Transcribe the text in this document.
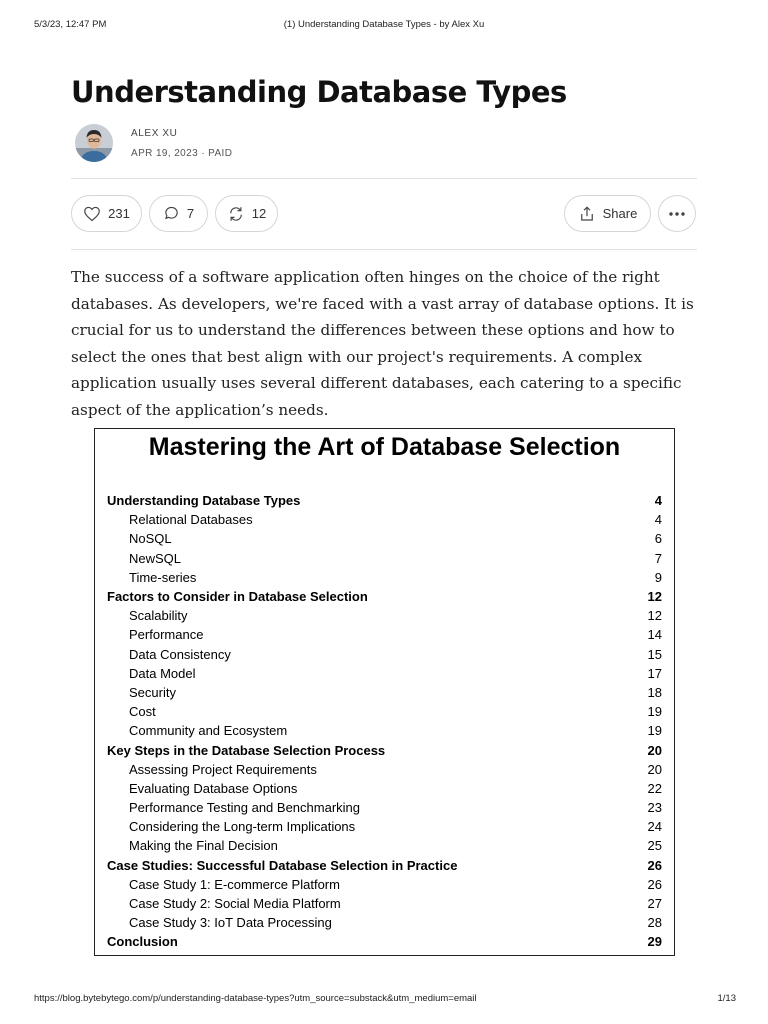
5/3/23, 12:47 PM	(1) Understanding Database Types - by Alex Xu
Understanding Database Types
ALEX XU
APR 19, 2023 · PAID
231	7	12	Share

The success of a software application often hinges on the choice of the right databases. As developers, we're faced with a vast array of database options. It is crucial for us to understand the differences between these options and how to select the ones that best align with our project's requirements. A complex application usually uses several different databases, each catering to a specific aspect of the application’s needs.

Mastering the Art of Database Selection
Understanding Database Types	4
Relational Databases	4
NoSQL	6
NewSQL	7
Time-series	9
Factors to Consider in Database Selection	12
Scalability	12
Performance	14
Data Consistency	15
Data Model	17
Security	18
Cost	19
Community and Ecosystem	19
Key Steps in the Database Selection Process	20
Assessing Project Requirements	20
Evaluating Database Options	22
Performance Testing and Benchmarking	23
Considering the Long-term Implications	24
Making the Final Decision	25
Case Studies: Successful Database Selection in Practice	26
Case Study 1: E-commerce Platform	26
Case Study 2: Social Media Platform	27
Case Study 3: IoT Data Processing	28
Conclusion	29
https://blog.bytebytego.com/p/understanding-database-types?utm_source=substack&utm_medium=email	1/13
